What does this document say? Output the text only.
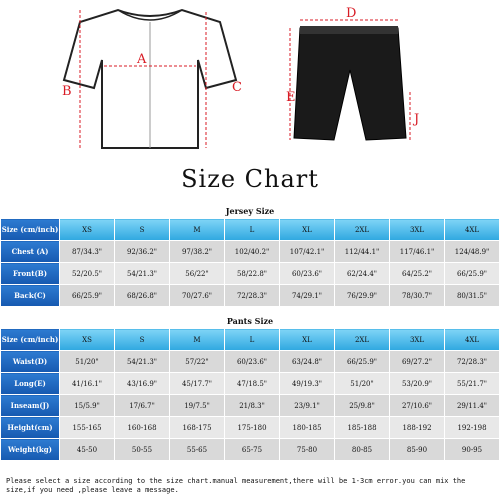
A
B	C
D
E
J
Size Chart
Jersey Size
Size (cm/inch)	XS	S	M	L	XL	2XL	3XL	4XL
Chest (A)	87/34.3"	92/36.2"	97/38.2"	102/40.2"	107/42.1"	112/44.1"	117/46.1"	124/48.9"
Front(B)	52/20.5"	54/21.3"	56/22"	58/22.8"	60/23.6"	62/24.4"	64/25.2"	66/25.9"
Back(C)	66/25.9"	68/26.8"	70/27.6"	72/28.3"	74/29.1"	76/29.9"	78/30.7"	80/31.5"
Pants Size
Size (cm/inch)	XS	S	M	L	XL	2XL	3XL	4XL
Waist(D)	51/20"	54/21.3"	57/22"	60/23.6"	63/24.8"	66/25.9"	69/27.2"	72/28.3"
Long(E)	41/16.1"	43/16.9"	45/17.7"	47/18.5"	49/19.3"	51/20"	53/20.9"	55/21.7"
Inseam(J)	15/5.9"	17/6.7"	19/7.5"	21/8.3"	23/9.1"	25/9.8"	27/10.6"	29/11.4"
Height(cm)	155-165	160-168	168-175	175-180	180-185	185-188	188-192	192-198
Weight(kg)	45-50	50-55	55-65	65-75	75-80	80-85	85-90	90-95
Please select a size according to the size chart.manual measurement,there will be 1-3cm error.you can mix the size,if you need ,please leave a message.
